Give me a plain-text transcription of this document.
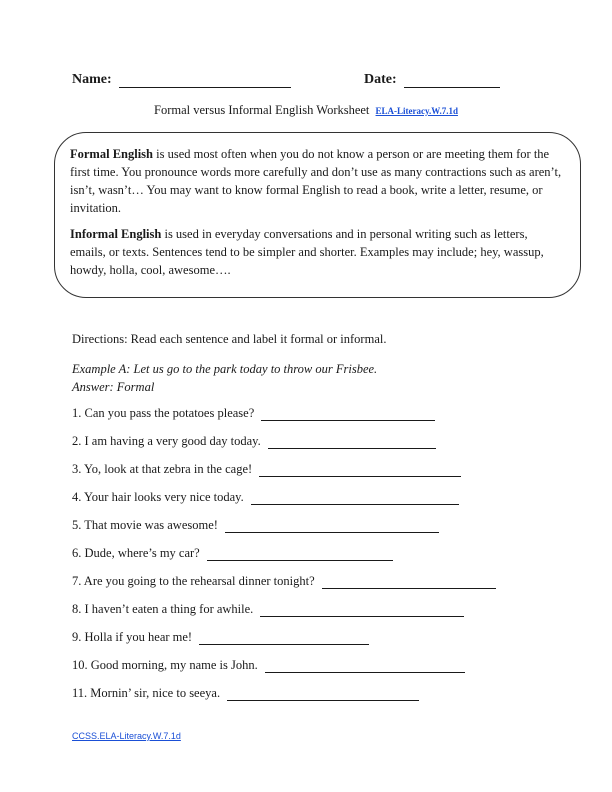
Name:	Date:
Formal versus Informal English Worksheet ELA-Literacy.W.7.1d

Formal English is used most often when you do not know a person or are meeting them for the first time. You pronounce words more carefully and don’t use as many contractions such as aren’t, isn’t, wasn’t… You may want to know formal English to read a book, write a letter, resume, or invitation.

Informal English is used in everyday conversations and in personal writing such as letters, emails, or texts. Sentences tend to be simpler and shorter. Examples may include; hey, wassup, howdy, holla, cool, awesome….

Directions: Read each sentence and label it formal or informal.
Example A: Let us go to the park today to throw our Frisbee.
Answer: Formal
1. Can you pass the potatoes please?
2. I am having a very good day today.
3. Yo, look at that zebra in the cage!
4. Your hair looks very nice today.
5. That movie was awesome!
6. Dude, where’s my car?
7. Are you going to the rehearsal dinner tonight?
8. I haven’t eaten a thing for awhile.
9. Holla if you hear me!
10. Good morning, my name is John.
11. Mornin’ sir, nice to seeya.
CCSS.ELA-Literacy.W.7.1d
